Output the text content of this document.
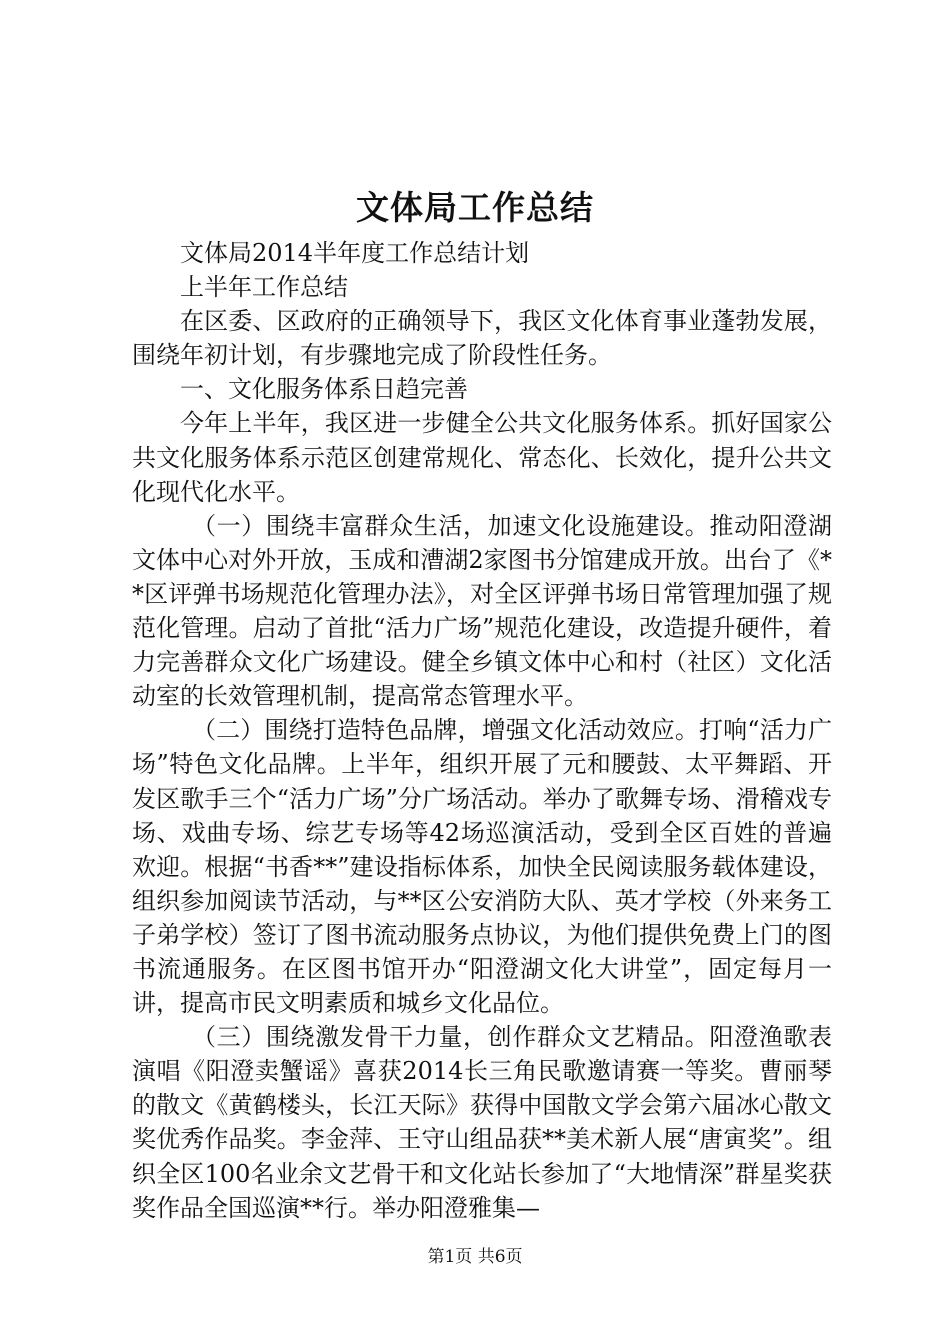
文体局工作总结

文体局2014半年度工作总结计划

上半年工作总结

在区委、区政府的正确领导下，我区文化体育事业蓬勃发展，围绕年初计划，有步骤地完成了阶段性任务。

一、文化服务体系日趋完善

今年上半年，我区进一步健全公共文化服务体系。抓好国家公共文化服务体系示范区创建常规化、常态化、长效化，提升公共文化现代化水平。

（一）围绕丰富群众生活，加速文化设施建设。推动阳澄湖文体中心对外开放，玉成和漕湖2家图书分馆建成开放。出台了《**区评弹书场规范化管理办法》，对全区评弹书场日常管理加强了规范化管理。启动了首批“活力广场”规范化建设，改造提升硬件，着力完善群众文化广场建设。健全乡镇文体中心和村（社区）文化活动室的长效管理机制，提高常态管理水平。

（二）围绕打造特色品牌，增强文化活动效应。打响“活力广场”特色文化品牌。上半年，组织开展了元和腰鼓、太平舞蹈、开发区歌手三个“活力广场”分广场活动。举办了歌舞专场、滑稽戏专场、戏曲专场、综艺专场等42场巡演活动，受到全区百姓的普遍欢迎。根据“书香**”建设指标体系，加快全民阅读服务载体建设，组织参加阅读节活动，与**区公安消防大队、英才学校（外来务工子弟学校）签订了图书流动服务点协议，为他们提供免费上门的图书流通服务。在区图书馆开办“阳澄湖文化大讲堂”，固定每月一讲，提高市民文明素质和城乡文化品位。

（三）围绕激发骨干力量，创作群众文艺精品。阳澄渔歌表演唱《阳澄卖蟹谣》喜获2014长三角民歌邀请赛一等奖。曹丽琴的散文《黄鹤楼头，长江天际》获得中国散文学会第六届冰心散文奖优秀作品奖。李金萍、王守山组品获**美术新人展“唐寅奖”。组织全区100名业余文艺骨干和文化站长参加了“大地情深”群星奖获奖作品全国巡演**行。举办阳澄雅集—

第1页 共6页
